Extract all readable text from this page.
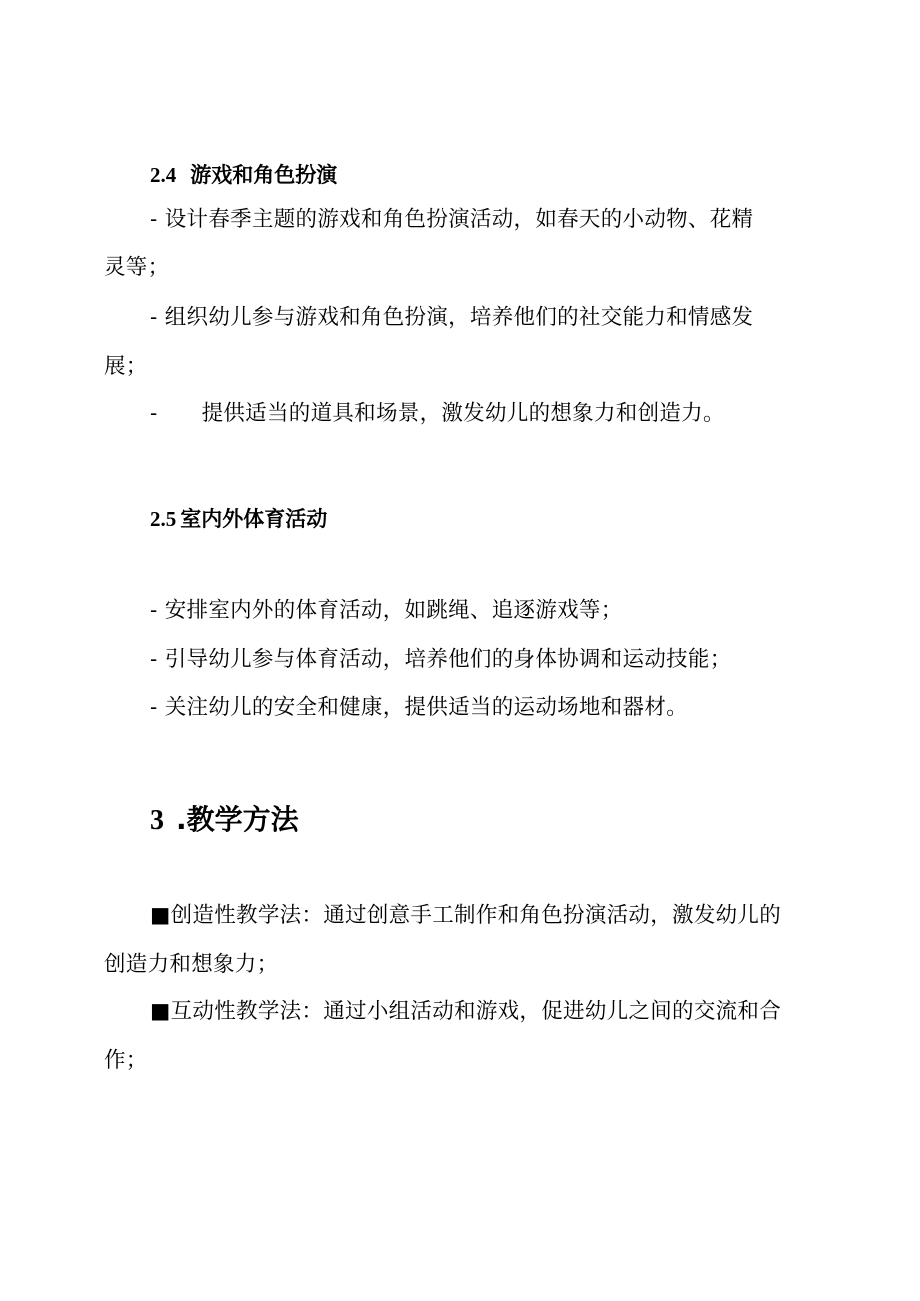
2.4 游戏和角色扮演
- 设计春季主题的游戏和角色扮演活动，如春天的小动物、花精
灵等；
- 组织幼儿参与游戏和角色扮演，培养他们的社交能力和情感发
展；
- 提供适当的道具和场景，激发幼儿的想象力和创造力。
2.5 室内外体育活动
- 安排室内外的体育活动，如跳绳、追逐游戏等；
- 引导幼儿参与体育活动，培养他们的身体协调和运动技能；
- 关注幼儿的安全和健康，提供适当的运动场地和器材。
3 .教学方法
■创造性教学法：通过创意手工制作和角色扮演活动，激发幼儿的
创造力和想象力；
■互动性教学法：通过小组活动和游戏，促进幼儿之间的交流和合
作；
